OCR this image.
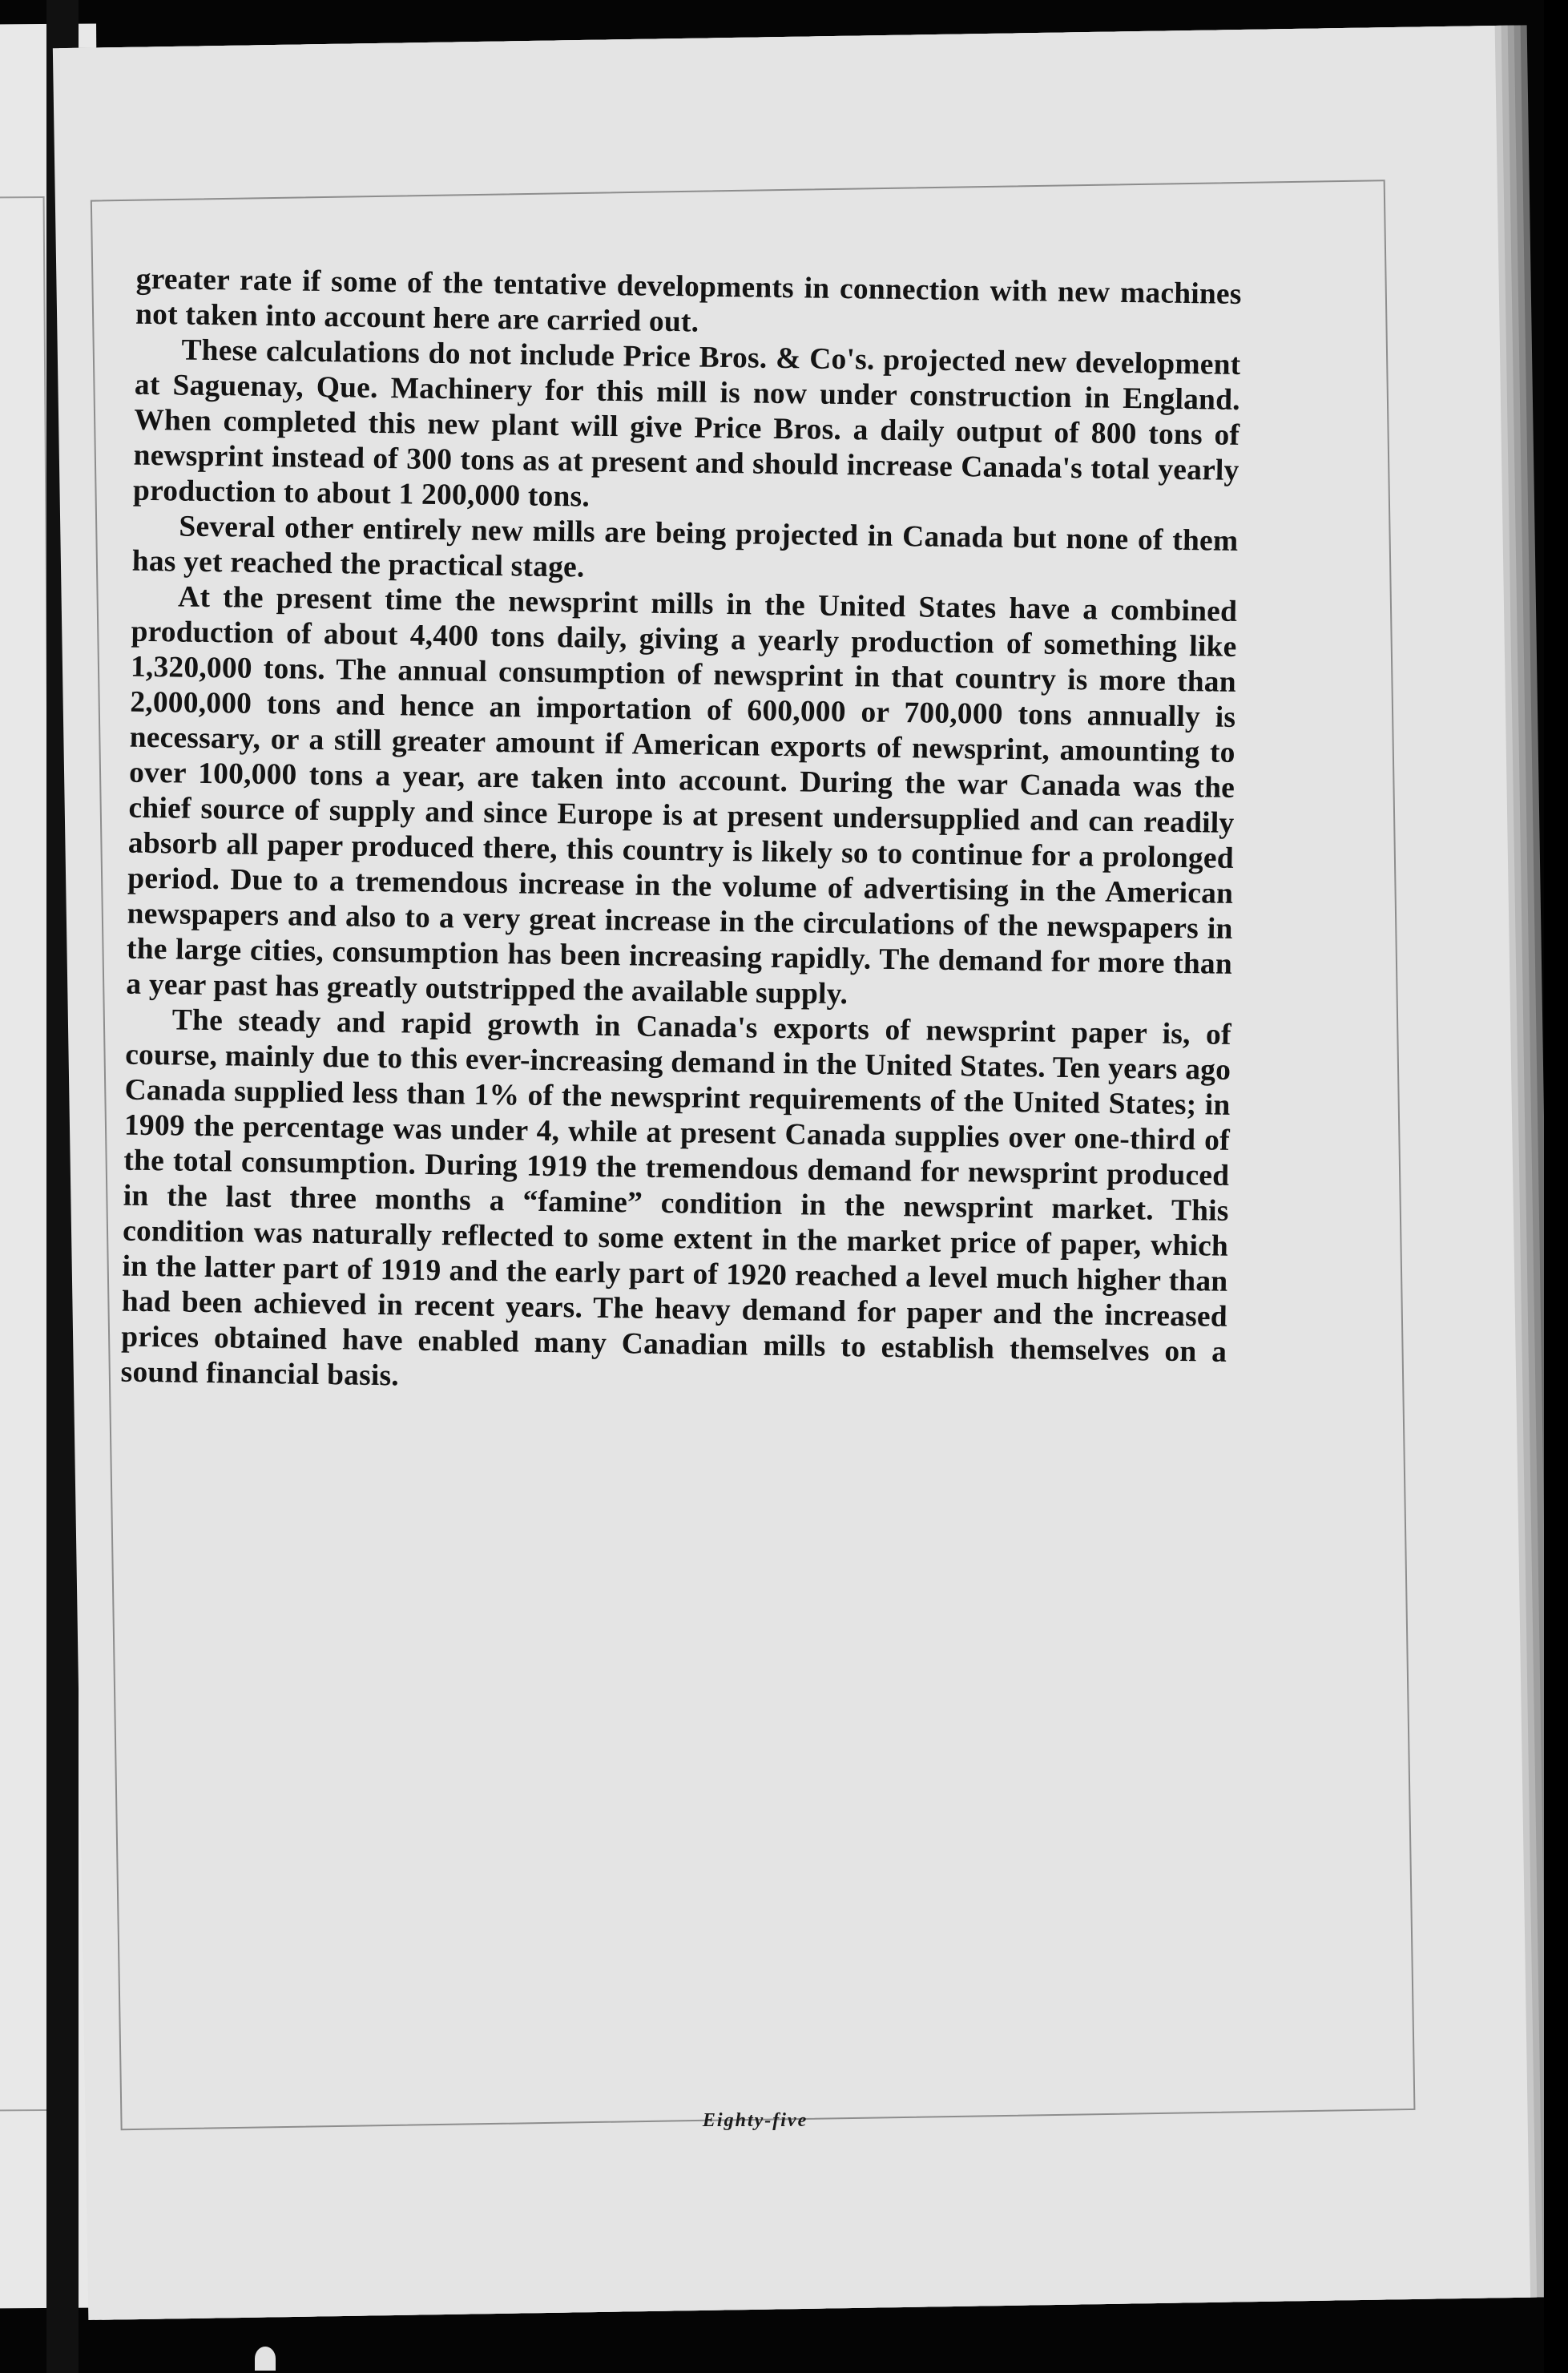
greater rate if some of the tentative developments in connection with new machines not taken into account here are carried out.

These calculations do not include Price Bros. & Co's. projected new development at Saguenay, Que. Machinery for this mill is now under construction in England. When completed this new plant will give Price Bros. a daily output of 800 tons of newsprint instead of 300 tons as at present and should increase Canada's total yearly production to about 1 200,000 tons.

Several other entirely new mills are being projected in Canada but none of them has yet reached the practical stage.

At the present time the newsprint mills in the United States have a combined production of about 4,400 tons daily, giving a yearly production of something like 1,320,000 tons. The annual consumption of newsprint in that country is more than 2,000,000 tons and hence an importation of 600,000 or 700,000 tons annually is necessary, or a still greater amount if American exports of newsprint, amounting to over 100,000 tons a year, are taken into account. During the war Canada was the chief source of supply and since Europe is at present undersupplied and can readily absorb all paper produced there, this country is likely so to continue for a prolonged period. Due to a tremendous increase in the volume of advertising in the American newspapers and also to a very great increase in the circulations of the newspapers in the large cities, consumption has been increasing rapidly. The demand for more than a year past has greatly outstripped the available supply.

The steady and rapid growth in Canada's exports of newsprint paper is, of course, mainly due to this ever-increasing demand in the United States. Ten years ago Canada supplied less than 1% of the newsprint requirements of the United States; in 1909 the percentage was under 4, while at present Canada supplies over one-third of the total consumption. During 1919 the tremendous demand for newsprint produced in the last three months a “famine” condition in the newsprint market. This condition was naturally reflected to some extent in the market price of paper, which in the latter part of 1919 and the early part of 1920 reached a level much higher than had been achieved in recent years. The heavy demand for paper and the increased prices obtained have enabled many Canadian mills to establish themselves on a sound financial basis.

Eighty-five
